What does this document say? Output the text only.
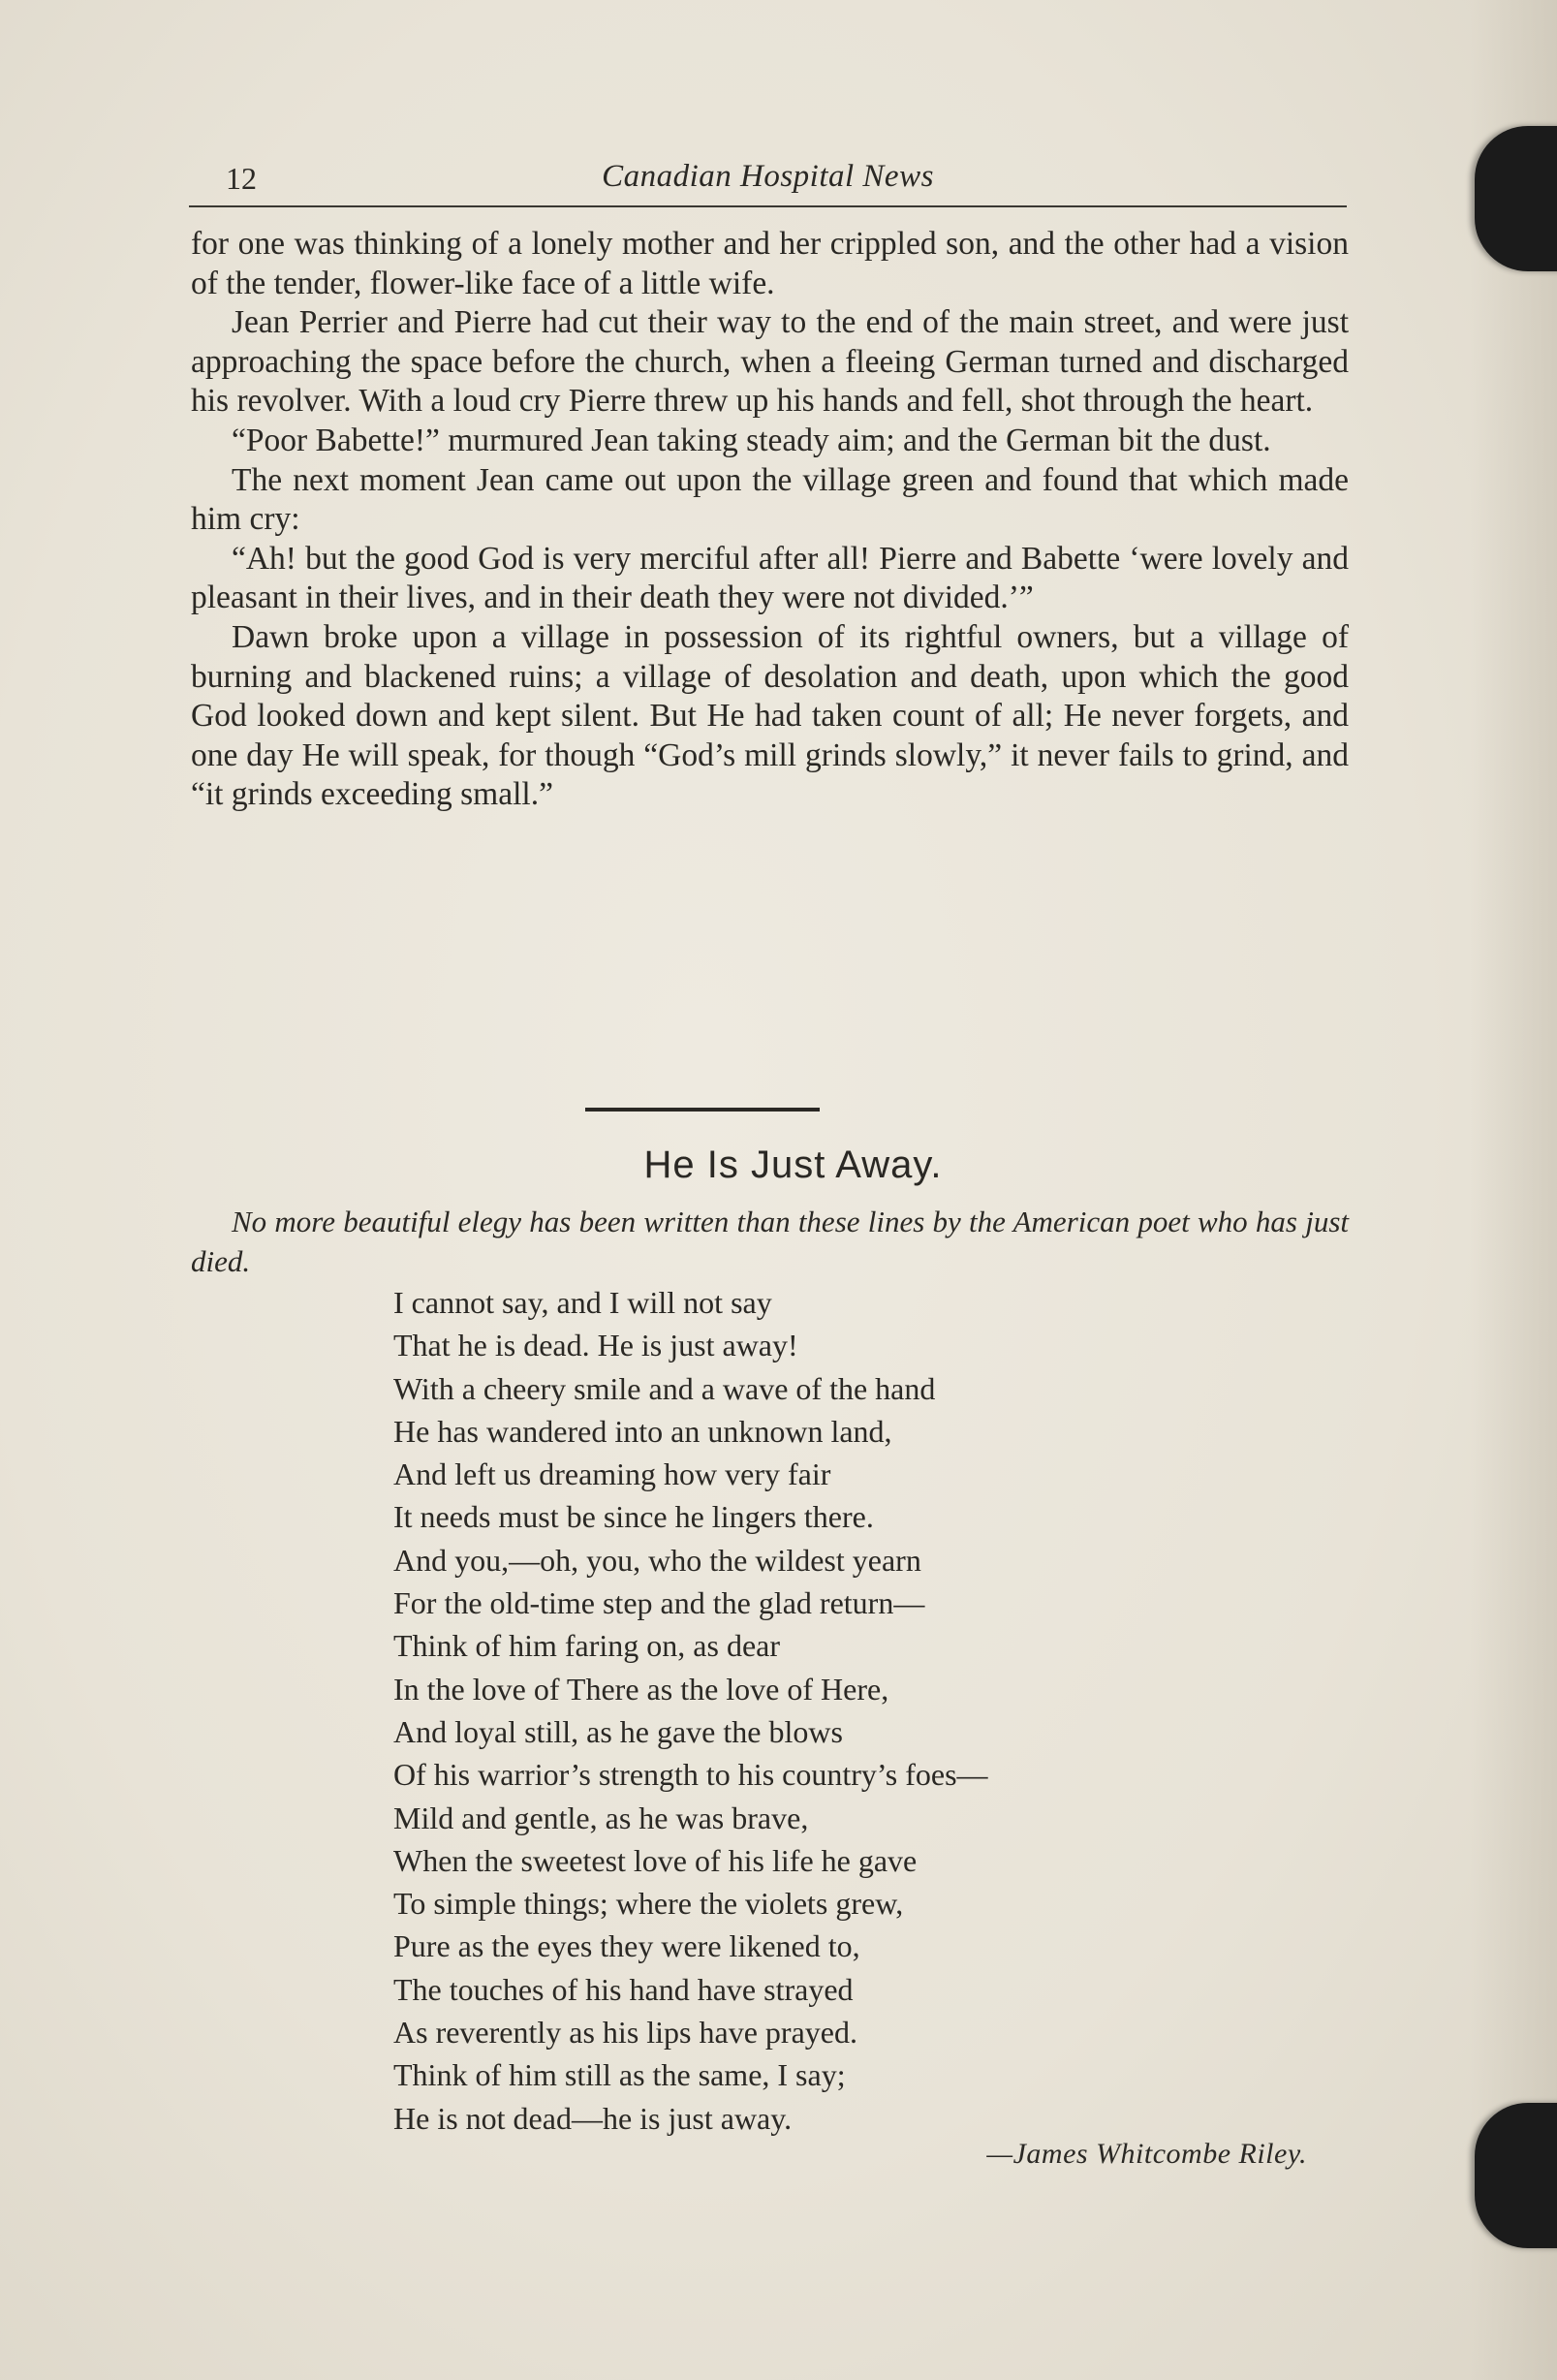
12	Canadian Hospital News

for one was thinking of a lonely mother and her crippled son, and the other had a vision of the tender, flower-like face of a little wife.

Jean Perrier and Pierre had cut their way to the end of the main street, and were just approaching the space before the church, when a fleeing German turned and discharged his revolver. With a loud cry Pierre threw up his hands and fell, shot through the heart.

“Poor Babette!” murmured Jean taking steady aim; and the German bit the dust.

The next moment Jean came out upon the village green and found that which made him cry:

“Ah! but the good God is very merciful after all! Pierre and Babette ‘were lovely and pleasant in their lives, and in their death they were not divided.’”

Dawn broke upon a village in possession of its rightful owners, but a village of burning and blackened ruins; a village of desolation and death, upon which the good God looked down and kept silent. But He had taken count of all; He never forgets, and one day He will speak, for though “God’s mill grinds slowly,” it never fails to grind, and “it grinds exceeding small.”

He Is Just Away.
No more beautiful elegy has been written than these lines by the American poet who has just died.
I cannot say, and I will not say
That he is dead. He is just away!
With a cheery smile and a wave of the hand
He has wandered into an unknown land,
And left us dreaming how very fair
It needs must be since he lingers there.
And you,—oh, you, who the wildest yearn
For the old-time step and the glad return—
Think of him faring on, as dear
In the love of There as the love of Here,
And loyal still, as he gave the blows
Of his warrior’s strength to his country’s foes—
Mild and gentle, as he was brave,
When the sweetest love of his life he gave
To simple things; where the violets grew,
Pure as the eyes they were likened to,
The touches of his hand have strayed
As reverently as his lips have prayed.
Think of him still as the same, I say;
He is not dead—he is just away.
—James Whitcombe Riley.
